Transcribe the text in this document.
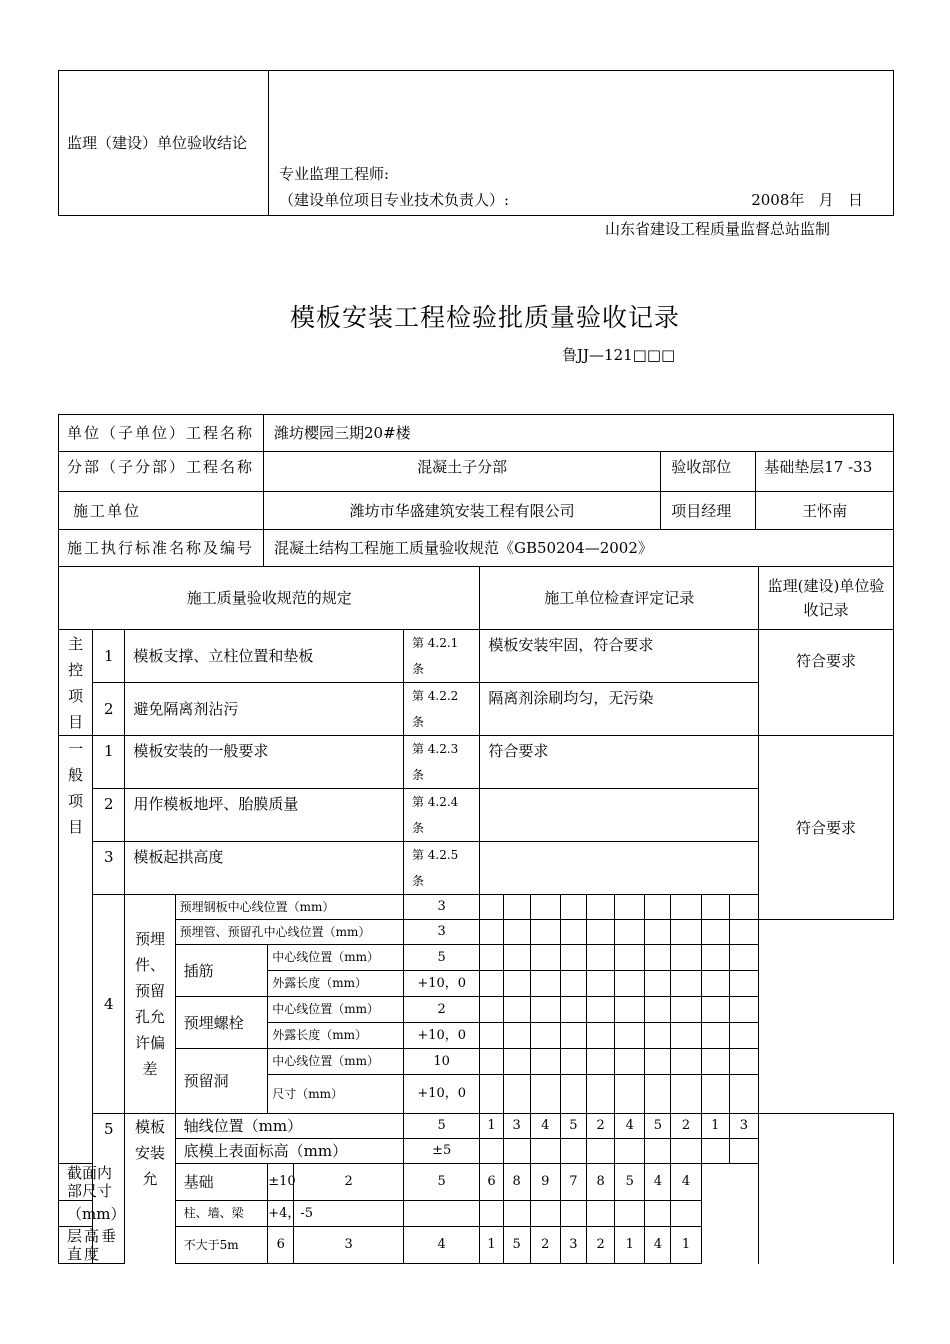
监理（建设）单位验收结论	
专业监理工程师:
（建设单位项目专业技术负责人）:	2008年   月   日
山东省建设工程质量监督总站监制
模板安装工程检验批质量验收记录
鲁JJ—121□□□
单位（子单位）工程名称	潍坊樱园三期20#楼		
分部（子分部）工程名称	混凝土子分部	验收部位	基础垫层17 -33
施工单位	潍坊市华盛建筑安装工程有限公司	项目经理	王怀南
施工执行标准名称及编号	混凝土结构工程施工质量验收规范《GB50204—2002》		
施工质量验收规范的规定							施工单位检查评定记录										监理(建设)单位验收记录
主控项目	1	模板支撑、立柱位置和垫板				第 4.2.1 条	模板安装牢固，符合要求										符合要求
	2	避免隔离剂沾污				第 4.2.2 条	隔离剂涂刷均匀，无污染										
一般项目	1	模板安装的一般要求				第 4.2.3 条	符合要求										符合要求
	2	用作模板地坪、胎膜质量				第 4.2.4 条											
	3	模板起拱高度				第 4.2.5 条											
	4	预埋件、预留孔允许偏差	预埋钢板中心线位置（mm）			3											
			预埋管、预留孔中心线位置（mm）			3											
			插筋	中心线位置（mm）		5											
				外露长度（mm）		+10，0											
			预埋螺栓	中心线位置（mm）		2											
				外露长度（mm）		+10，0											
			预留洞	中心线位置（mm）		10											
				尺寸（mm）		+10，0											
	5	模板安装允	轴线位置（mm）			5	1	3	4	5	2	4	5	2	1	3	
			底模上表面标高（mm）			±5											
截面内部尺寸			基础	±10	2	5	6	8	9	7	8	5	4	4			
（mm）			柱、墙、梁	+4，-5													
层高垂直度			不大于5m	6	3	4	1	5	2	3	2	1	4	1			
